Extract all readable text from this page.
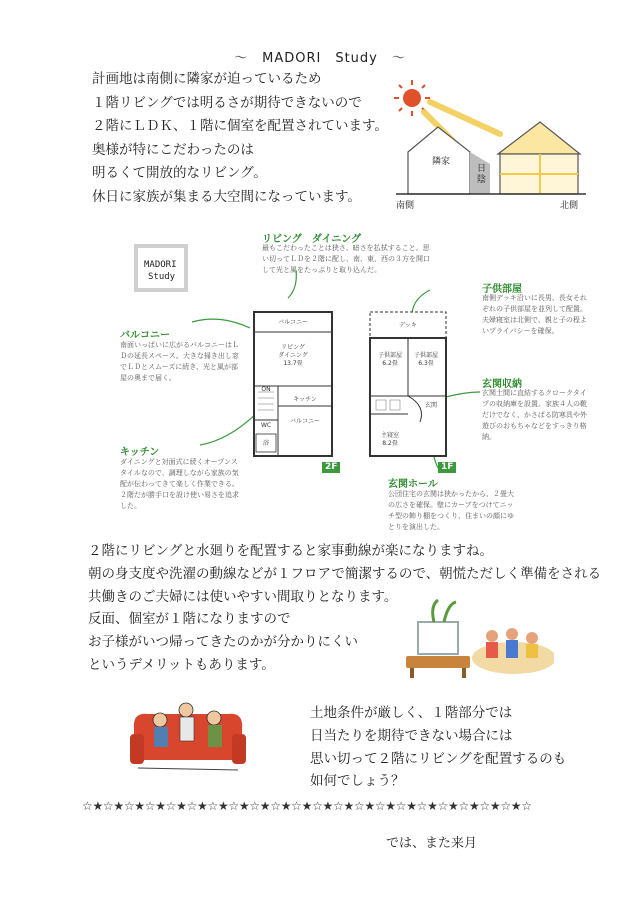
～　MADORI　Study　～
計画地は南側に隣家が迫っているため
１階リビングでは明るさが期待できないので
２階にＬＤＫ、１階に個室を配置されています。
奥様が特にこだわったのは
明るくて開放的なリビング。
休日に家族が集まる大空間になっています。
隣家
日陰
南側	北側
MADORI
Study
リビング　ダイニング
最もこだわったことは狭さ、暗さを払拭すること。思い切ってＬＤを２階に配し、南、東、西の３方を開口して光と風をたっぷりと取り込んだ。
子供部屋
南側デッキ沿いに長男、長女それぞれの子供部屋を並列して配置。夫婦寝室は北側で、親と子の程よいプライバシーを確保。
バルコニー
南面いっぱいに広がるバルコニーはＬＤの延長スペース。大きな掃き出し窓でＬＤとスムーズに続き、光と風が部屋の奥まで届く。
玄関収納
玄関土間に直結するクロークタイプの収納庫を設置。家族４人の靴だけでなく、かさばる防寒具や外遊びのおもちゃなどをすっきり格納。
キッチン
ダイニングと対面式に続くオープンスタイルなので、調理しながら家族の気配が伝わってきて楽しく作業できる。２階だが勝手口を設け使い易さを追求した。
玄関ホール
公団住宅の玄関は狭かったから、２畳大の広さを確保。壁にカーブをつけてニッチ型の飾り棚をつくり、住まいの顔にゆとりを演出した。
バルコニー
リビング
ダイニング
13.7畳
キッチン
バルコニー
WC
ON
浴
2F
デッキ
子供部屋
6.2畳
子供部屋
6.3畳
玄関
主寝室
8.2畳
1F
２階にリビングと水廻りを配置すると家事動線が楽になりますね。
朝の身支度や洗濯の動線などが１フロアで簡潔するので、朝慌ただしく準備をされる
共働きのご夫婦には使いやすい間取りとなります。
反面、個室が１階になりますので
お子様がいつ帰ってきたのかが分かりにくい
というデメリットもあります。
土地条件が厳しく、１階部分では
日当たりを期待できない場合には
思い切って２階にリビングを配置するのも
如何でしょう？
☆★☆★☆★☆★☆★☆★☆★☆★☆★☆★☆★☆★☆★☆★☆★☆★☆★☆★☆★☆★☆★☆
では、また来月
